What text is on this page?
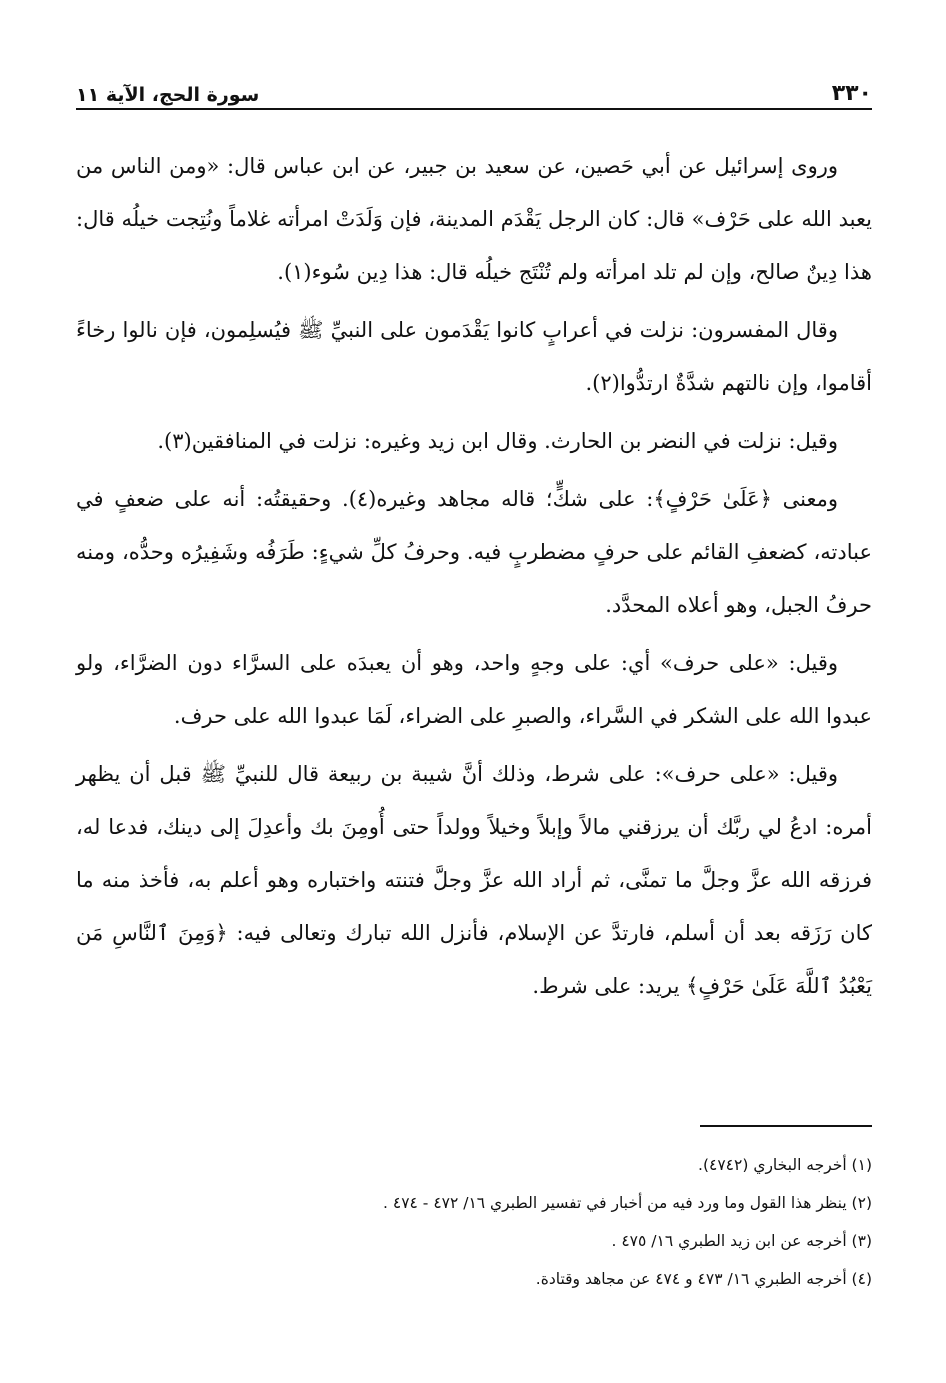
٣٣٠
سورة الحج، الآية ١١

وروى إسرائيل عن أبي حَصين، عن سعيد بن جبير، عن ابن عباس قال: «ومن الناس من يعبد الله على حَرْف» قال: كان الرجل يَقْدَم المدينة، فإن وَلَدَتْ امرأته غلاماً ونُتِجت خيلُه قال: هذا دِينٌ صالح، وإن لم تلد امرأته ولم تُنْتَج خيلُه قال: هذا دِين سُوء(١).

وقال المفسرون: نزلت في أعرابٍ كانوا يَقْدَمون على النبيِّ ﷺ فيُسلِمون، فإن نالوا رخاءً أقاموا، وإن نالتهم شدَّةٌ ارتدُّوا(٢).

وقيل: نزلت في النضر بن الحارث. وقال ابن زيد وغيره: نزلت في المنافقين(٣).

ومعنى ﴿عَلَىٰ حَرْفٍ﴾: على شكٍّ؛ قاله مجاهد وغيره(٤). وحقيقتُه: أنه على ضعفٍ في عبادته، كضعفِ القائم على حرفٍ مضطربٍ فيه. وحرفُ كلِّ شيءٍ: طَرَفُه وشَفِيرُه وحدُّه، ومنه حرفُ الجبل، وهو أعلاه المحدَّد.

وقيل: «على حرف» أي: على وجهٍ واحد، وهو أن يعبدَه على السرَّاء دون الضرَّاء، ولو عبدوا الله على الشكر في السَّراء، والصبرِ على الضراء، لَمَا عبدوا الله على حرف.

وقيل: «على حرف»: على شرط، وذلك أنَّ شيبة بن ربيعة قال للنبيِّ ﷺ قبل أن يظهر أمره: ادعُ لي ربَّك أن يرزقني مالاً وإبلاً وخيلاً وولداً حتى أُومِنَ بك وأعدِلَ إلى دينك، فدعا له، فرزقه الله عزَّ وجلَّ ما تمنَّى، ثم أراد الله عزَّ وجلَّ فتنته واختباره وهو أعلم به، فأخذ منه ما كان رَزَقه بعد أن أسلم، فارتدَّ عن الإسلام، فأنزل الله تبارك وتعالى فيه: ﴿وَمِنَ ٱلنَّاسِ مَن يَعْبُدُ ٱللَّهَ عَلَىٰ حَرْفٍ﴾ يريد: على شرط.

(١) أخرجه البخاري (٤٧٤٢).

(٢) ينظر هذا القول وما ورد فيه من أخبار في تفسير الطبري ١٦/ ٤٧٢ - ٤٧٤ .

(٣) أخرجه عن ابن زيد الطبري ١٦/ ٤٧٥ .

(٤) أخرجه الطبري ١٦/ ٤٧٣ و ٤٧٤ عن مجاهد وقتادة.
